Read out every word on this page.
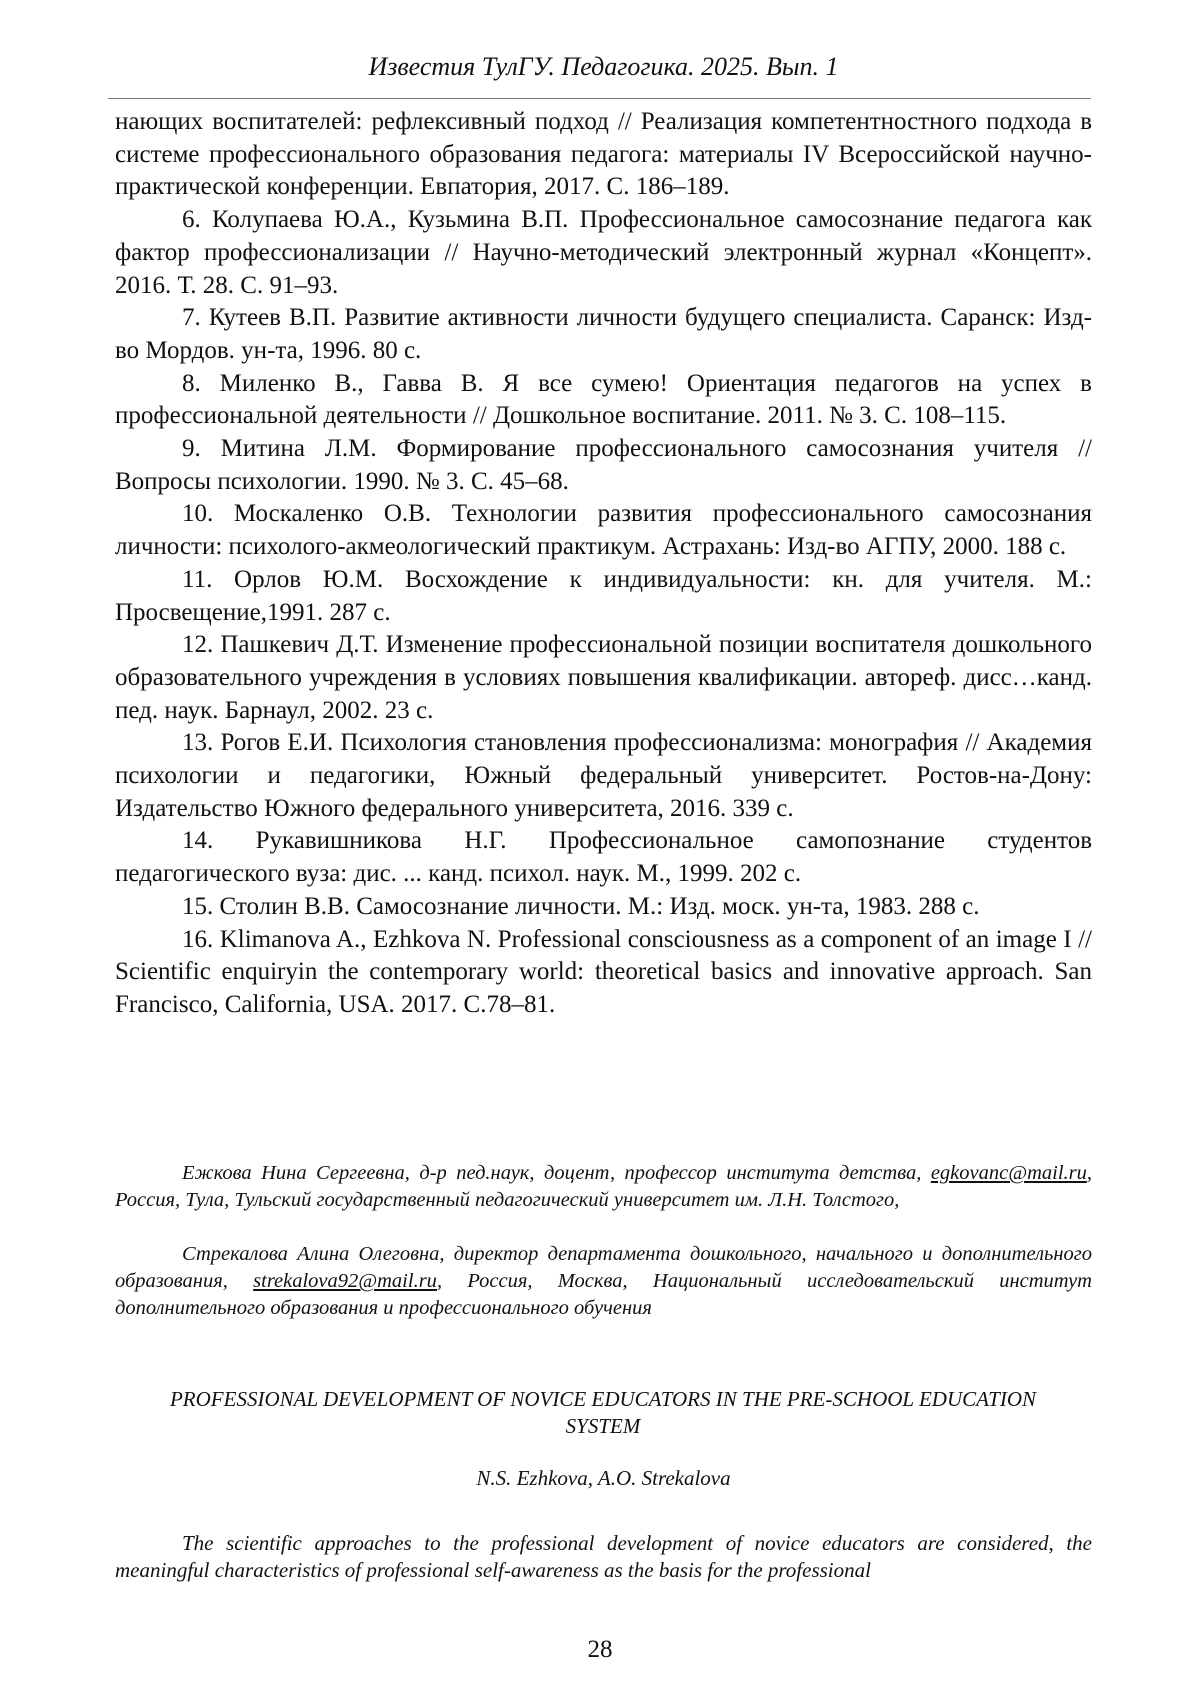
Известия ТулГУ. Педагогика. 2025. Вып. 1

нающих воспитателей: рефлексивный подход // Реализация компетентностного подхода в системе профессионального образования педагога: материалы IV Всероссийской научно-практической конференции. Евпатория, 2017. С. 186–189.

6. Колупаева Ю.А., Кузьмина В.П. Профессиональное самосознание педагога как фактор профессионализации // Научно-методический электронный журнал «Концепт». 2016. Т. 28. С. 91–93.

7. Кутеев В.П. Развитие активности личности будущего специалиста. Саранск: Изд-во Мордов. ун-та, 1996. 80 с.

8. Миленко В., Гавва В. Я все сумею! Ориентация педагогов на успех в профессиональной деятельности // Дошкольное воспитание. 2011. № 3. С. 108–115.

9. Митина Л.М. Формирование профессионального самосознания учителя // Вопросы психологии. 1990. № 3. С. 45–68.

10. Москаленко О.В. Технологии развития профессионального самосознания личности: психолого-акмеологический практикум. Астрахань: Изд-во АГПУ, 2000. 188 с.

11. Орлов Ю.М. Восхождение к индивидуальности: кн. для учителя. М.: Просвещение,1991. 287 с.

12. Пашкевич Д.Т. Изменение профессиональной позиции воспитателя дошкольного образовательного учреждения в условиях повышения квалификации. автореф. дисс…канд. пед. наук. Барнаул, 2002. 23 с.

13. Рогов Е.И. Психология становления профессионализма: монография // Академия психологии и педагогики, Южный федеральный университет. Ростов-на-Дону: Издательство Южного федерального университета, 2016. 339 с.

14. Рукавишникова Н.Г. Профессиональное самопознание студентов педагогического вуза: дис. ... канд. психол. наук. М., 1999. 202 с.

15. Столин В.В. Самосознание личности. М.: Изд. моск. ун-та, 1983. 288 с.

16. Klimanova A., Ezhkova N. Professional consciousness as a component of an image I // Scientific enquiryin the contemporary world: theoretical basics and innovative approach. San Francisco, California, USA. 2017. C.78–81.

Ежкова Нина Сергеевна, д-р пед.наук, доцент, профессор института детства, egkovanc@mail.ru, Россия, Тула, Тульский государственный педагогический университет им. Л.Н. Толстого,

Стрекалова Алина Олеговна, директор департамента дошкольного, начального и дополнительного образования, strekalova92@mail.ru, Россия, Москва, Национальный исследовательский институт дополнительного образования и профессионального обучения

PROFESSIONAL DEVELOPMENT OF NOVICE EDUCATORS IN THE PRE-SCHOOL EDUCATION SYSTEM
N.S. Ezhkova, A.O. Strekalova
The scientific approaches to the professional development of novice educators are considered, the meaningful characteristics of professional self-awareness as the basis for the professional
28
